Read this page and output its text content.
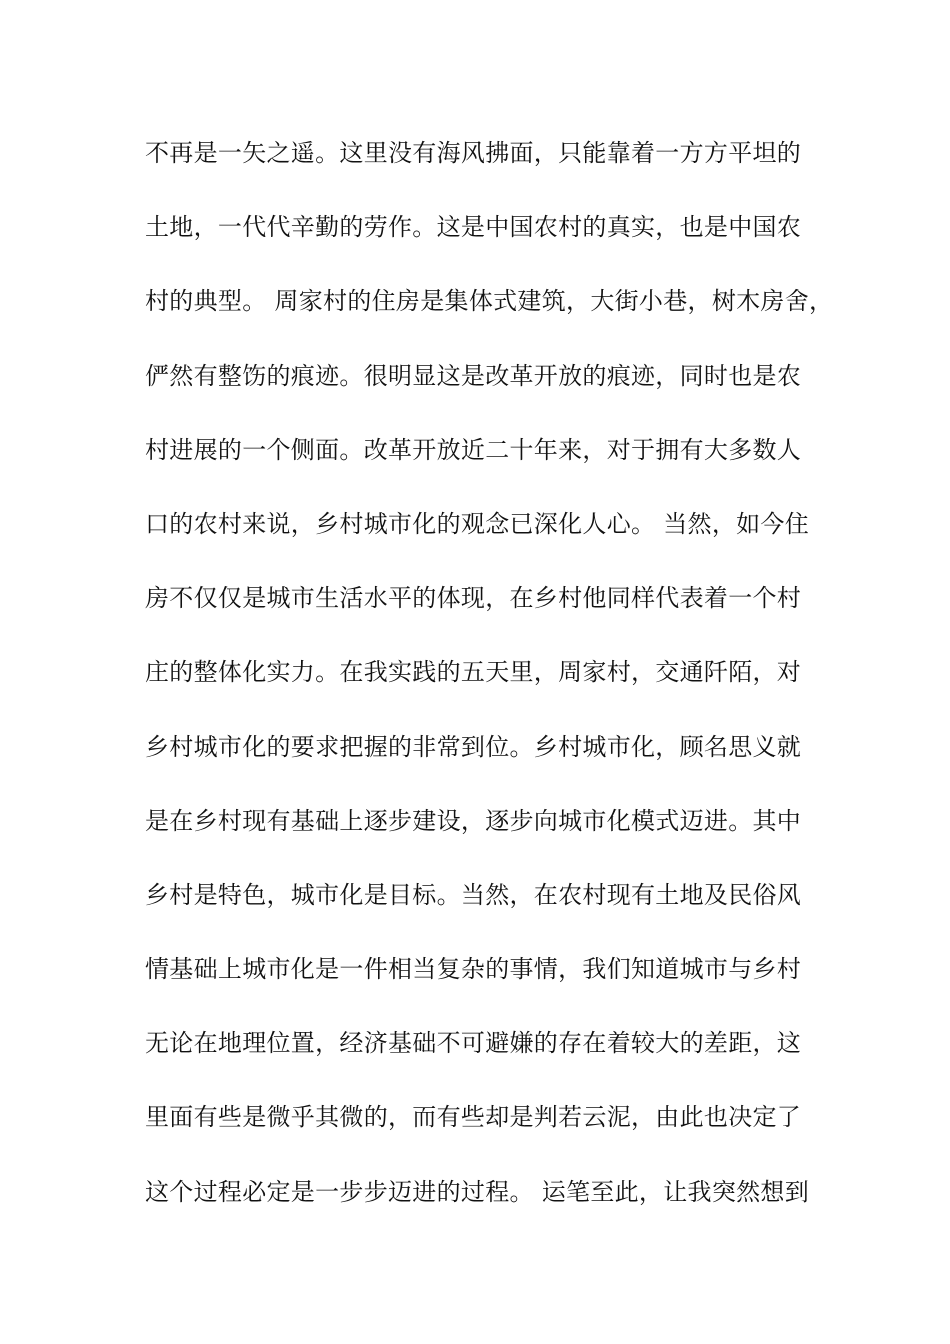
不再是一矢之遥。这里没有海风拂面，只能靠着一方方平坦的
土地，一代代辛勤的劳作。这是中国农村的真实，也是中国农
村的典型。 周家村的住房是集体式建筑，大街小巷，树木房舍，
俨然有整饬的痕迹。很明显这是改革开放的痕迹，同时也是农
村进展的一个侧面。改革开放近二十年来，对于拥有大多数人
口的农村来说，乡村城市化的观念已深化人心。 当然，如今住
房不仅仅是城市生活水平的体现，在乡村他同样代表着一个村
庄的整体化实力。在我实践的五天里，周家村，交通阡陌，对
乡村城市化的要求把握的非常到位。乡村城市化，顾名思义就
是在乡村现有基础上逐步建设，逐步向城市化模式迈进。其中
乡村是特色，城市化是目标。当然，在农村现有土地及民俗风
情基础上城市化是一件相当复杂的事情，我们知道城市与乡村
无论在地理位置，经济基础不可避嫌的存在着较大的差距，这
里面有些是微乎其微的，而有些却是判若云泥，由此也决定了
这个过程必定是一步步迈进的过程。 运笔至此，让我突然想到
